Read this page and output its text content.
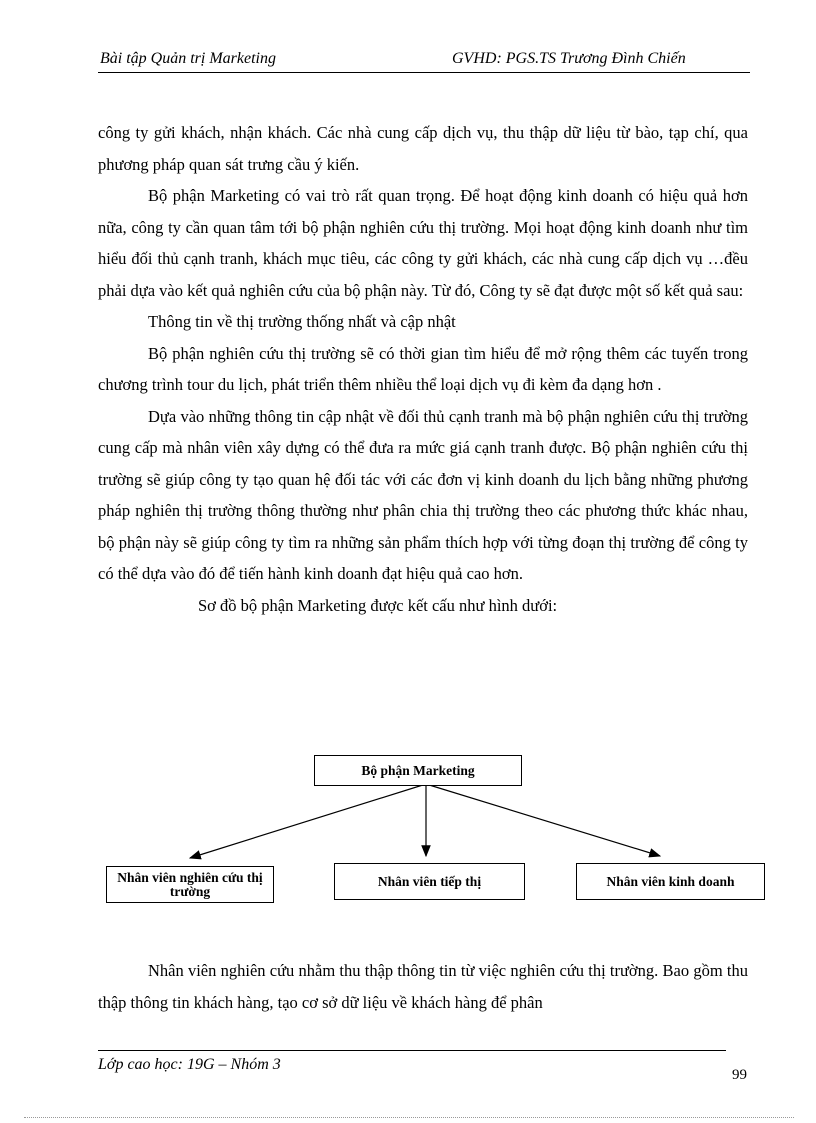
Bài tập Quản trị Marketing	GVHD: PGS.TS Trương Đình Chiến

công ty gửi khách, nhận khách. Các nhà cung cấp dịch vụ, thu thập dữ liệu từ bào, tạp chí, qua phương pháp quan sát trưng cầu ý kiến.

Bộ phận Marketing có vai trò rất quan trọng. Để hoạt động kinh doanh có hiệu quả hơn nữa, công ty cần quan tâm tới bộ phận nghiên cứu thị trường. Mọi hoạt động kinh doanh như tìm hiểu đối thủ cạnh tranh, khách mục tiêu, các công ty gửi khách, các nhà cung cấp dịch vụ …đều phải dựa vào kết quả nghiên cứu của bộ phận này. Từ đó, Công ty sẽ đạt được một số kết quả sau:

Thông tin về thị trường thống nhất và cập nhật

Bộ phận nghiên cứu thị trường sẽ có thời gian tìm hiểu để mở rộng thêm các tuyến trong chương trình tour du lịch, phát triển thêm nhiều thể loại dịch vụ đi kèm đa dạng hơn .

Dựa vào những thông tin cập nhật về đối thủ cạnh tranh mà bộ phận nghiên cứu thị trường cung cấp mà nhân viên xây dựng có thể đưa ra mức giá cạnh tranh được. Bộ phận nghiên cứu thị trường sẽ giúp công ty tạo quan hệ đối tác với các đơn vị kinh doanh du lịch bằng những phương pháp nghiên thị trường thông thường như phân chia thị trường theo các phương thức khác nhau, bộ phận này sẽ giúp công ty tìm ra những sản phẩm thích hợp với từng đoạn thị trường để công ty có thể dựa vào đó để tiến hành kinh doanh đạt hiệu quả cao hơn.

Sơ đồ bộ phận Marketing được kết cấu như hình dưới:

Bộ phận Marketing
Nhân viên nghiên cứu thị trường
Nhân viên tiếp thị	Nhân viên kinh doanh

Nhân viên nghiên cứu nhằm thu thập thông tin từ việc nghiên cứu thị trường. Bao gồm thu thập thông tin khách hàng, tạo cơ sở dữ liệu về khách hàng để phân

Lớp cao học: 19G – Nhóm 3
99
